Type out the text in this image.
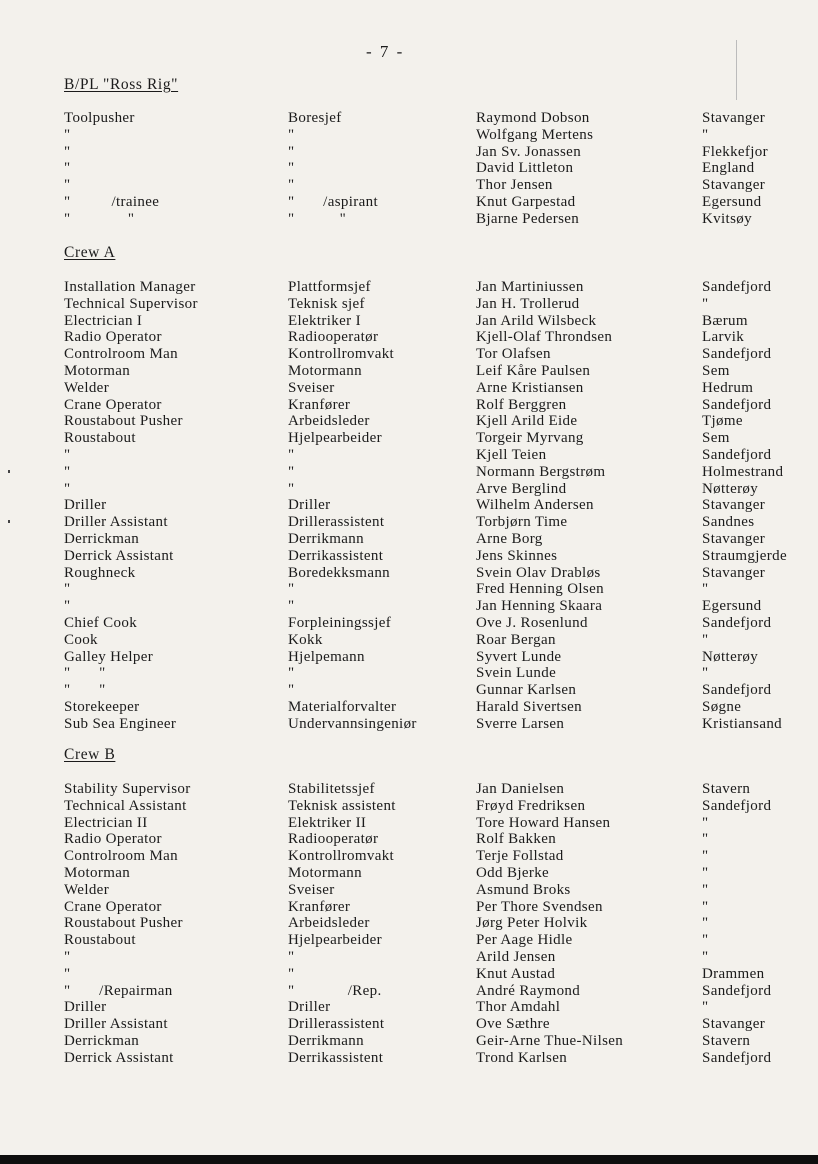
- 7 -
B/PL "Ross Rig"
Toolpusher	Boresjef	Raymond Dobson	Stavanger
"	"	Wolfgang Mertens	"
"	"	Jan Sv. Jonassen	Flekkefjor
"	"	David Littleton	England
"	"	Thor Jensen	Stavanger
"          /trainee	"       /aspirant	Knut Garpestad	Egersund
"              "	"           "	Bjarne Pedersen	Kvitsøy
Crew A
Installation Manager	Plattformsjef	Jan Martiniussen	Sandefjord
Technical Supervisor	Teknisk sjef	Jan H. Trollerud	"
Electrician I	Elektriker I	Jan Arild Wilsbeck	Bærum
Radio Operator	Radiooperatør	Kjell-Olaf Throndsen	Larvik
Controlroom Man	Kontrollromvakt	Tor Olafsen	Sandefjord
Motorman	Motormann	Leif Kåre Paulsen	Sem
Welder	Sveiser	Arne Kristiansen	Hedrum
Crane Operator	Kranfører	Rolf Berggren	Sandefjord
Roustabout Pusher	Arbeidsleder	Kjell Arild Eide	Tjøme
Roustabout	Hjelpearbeider	Torgeir Myrvang	Sem
"	"	Kjell Teien	Sandefjord
"	"	Normann Bergstrøm	Holmestrand
"	"	Arve Berglind	Nøtterøy
Driller	Driller	Wilhelm Andersen	Stavanger
Driller Assistant	Drillerassistent	Torbjørn Time	Sandnes
Derrickman	Derrikmann	Arne Borg	Stavanger
Derrick Assistant	Derrikassistent	Jens Skinnes	Straumgjerde
Roughneck	Boredekksmann	Svein Olav Drabløs	Stavanger
"	"	Fred Henning Olsen	"
"	"	Jan Henning Skaara	Egersund
Chief Cook	Forpleiningssjef	Ove J. Rosenlund	Sandefjord
Cook	Kokk	Roar Bergan	"
Galley Helper	Hjelpemann	Syvert Lunde	Nøtterøy
"       "	"	Svein Lunde	"
"       "	"	Gunnar Karlsen	Sandefjord
Storekeeper	Materialforvalter	Harald Sivertsen	Søgne
Sub Sea Engineer	Undervannsingeniør	Sverre Larsen	Kristiansand
Crew B
Stability Supervisor	Stabilitetssjef	Jan Danielsen	Stavern
Technical Assistant	Teknisk assistent	Frøyd Fredriksen	Sandefjord
Electrician II	Elektriker II	Tore Howard Hansen	"
Radio Operator	Radiooperatør	Rolf Bakken	"
Controlroom Man	Kontrollromvakt	Terje Follstad	"
Motorman	Motormann	Odd Bjerke	"
Welder	Sveiser	Asmund Broks	"
Crane Operator	Kranfører	Per Thore Svendsen	"
Roustabout Pusher	Arbeidsleder	Jørg Peter Holvik	"
Roustabout	Hjelpearbeider	Per Aage Hidle	"
"	"	Arild Jensen	"
"	"	Knut Austad	Drammen
"       /Repairman	"             /Rep.	André Raymond	Sandefjord
Driller	Driller	Thor Amdahl	"
Driller Assistant	Drillerassistent	Ove Sæthre	Stavanger
Derrickman	Derrikmann	Geir-Arne Thue-Nilsen	Stavern
Derrick Assistant	Derrikassistent	Trond Karlsen	Sandefjord
